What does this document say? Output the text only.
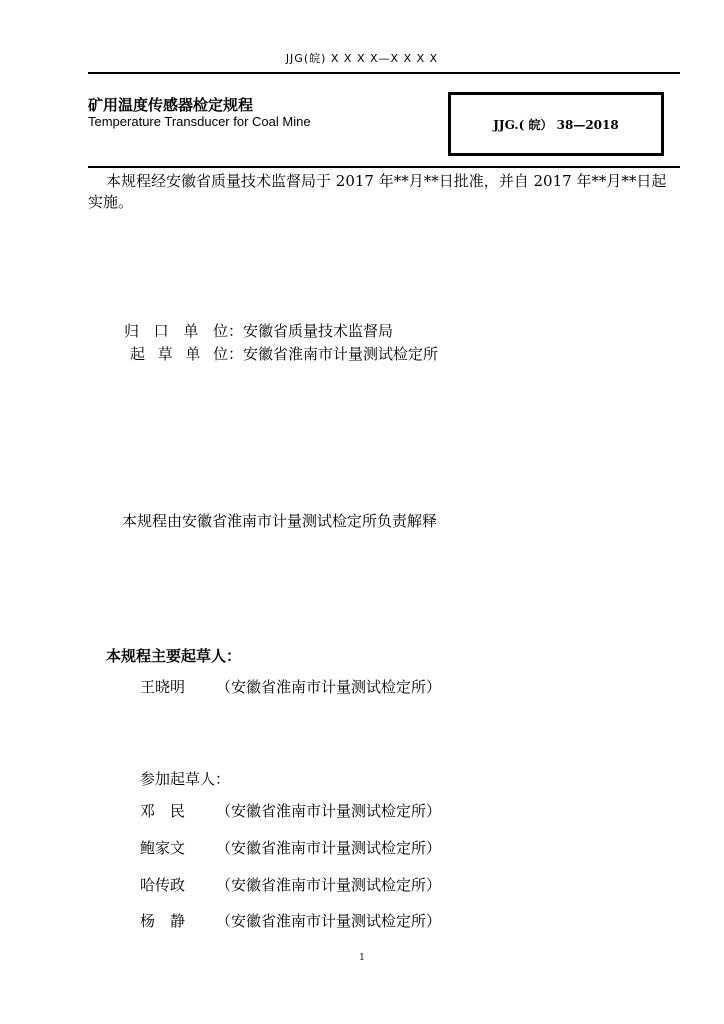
JJG(皖) X X X X—X X X X
矿用温度传感器检定规程
Temperature Transducer for Coal Mine	JJG.( 皖） 38—2018
本规程经安徽省质量技术监督局于 2017 年**月**日批准，并自 2017 年**月**日起实施。
归 口 单 位：安徽省质量技术监督局
起 草 单 位：安徽省淮南市计量测试检定所
本规程由安徽省淮南市计量测试检定所负责解释
本规程主要起草人：
王晓明 （安徽省淮南市计量测试检定所）
参加起草人：
邓　民 （安徽省淮南市计量测试检定所）
鲍家文 （安徽省淮南市计量测试检定所）
哈传政 （安徽省淮南市计量测试检定所）
杨　静 （安徽省淮南市计量测试检定所）
1
